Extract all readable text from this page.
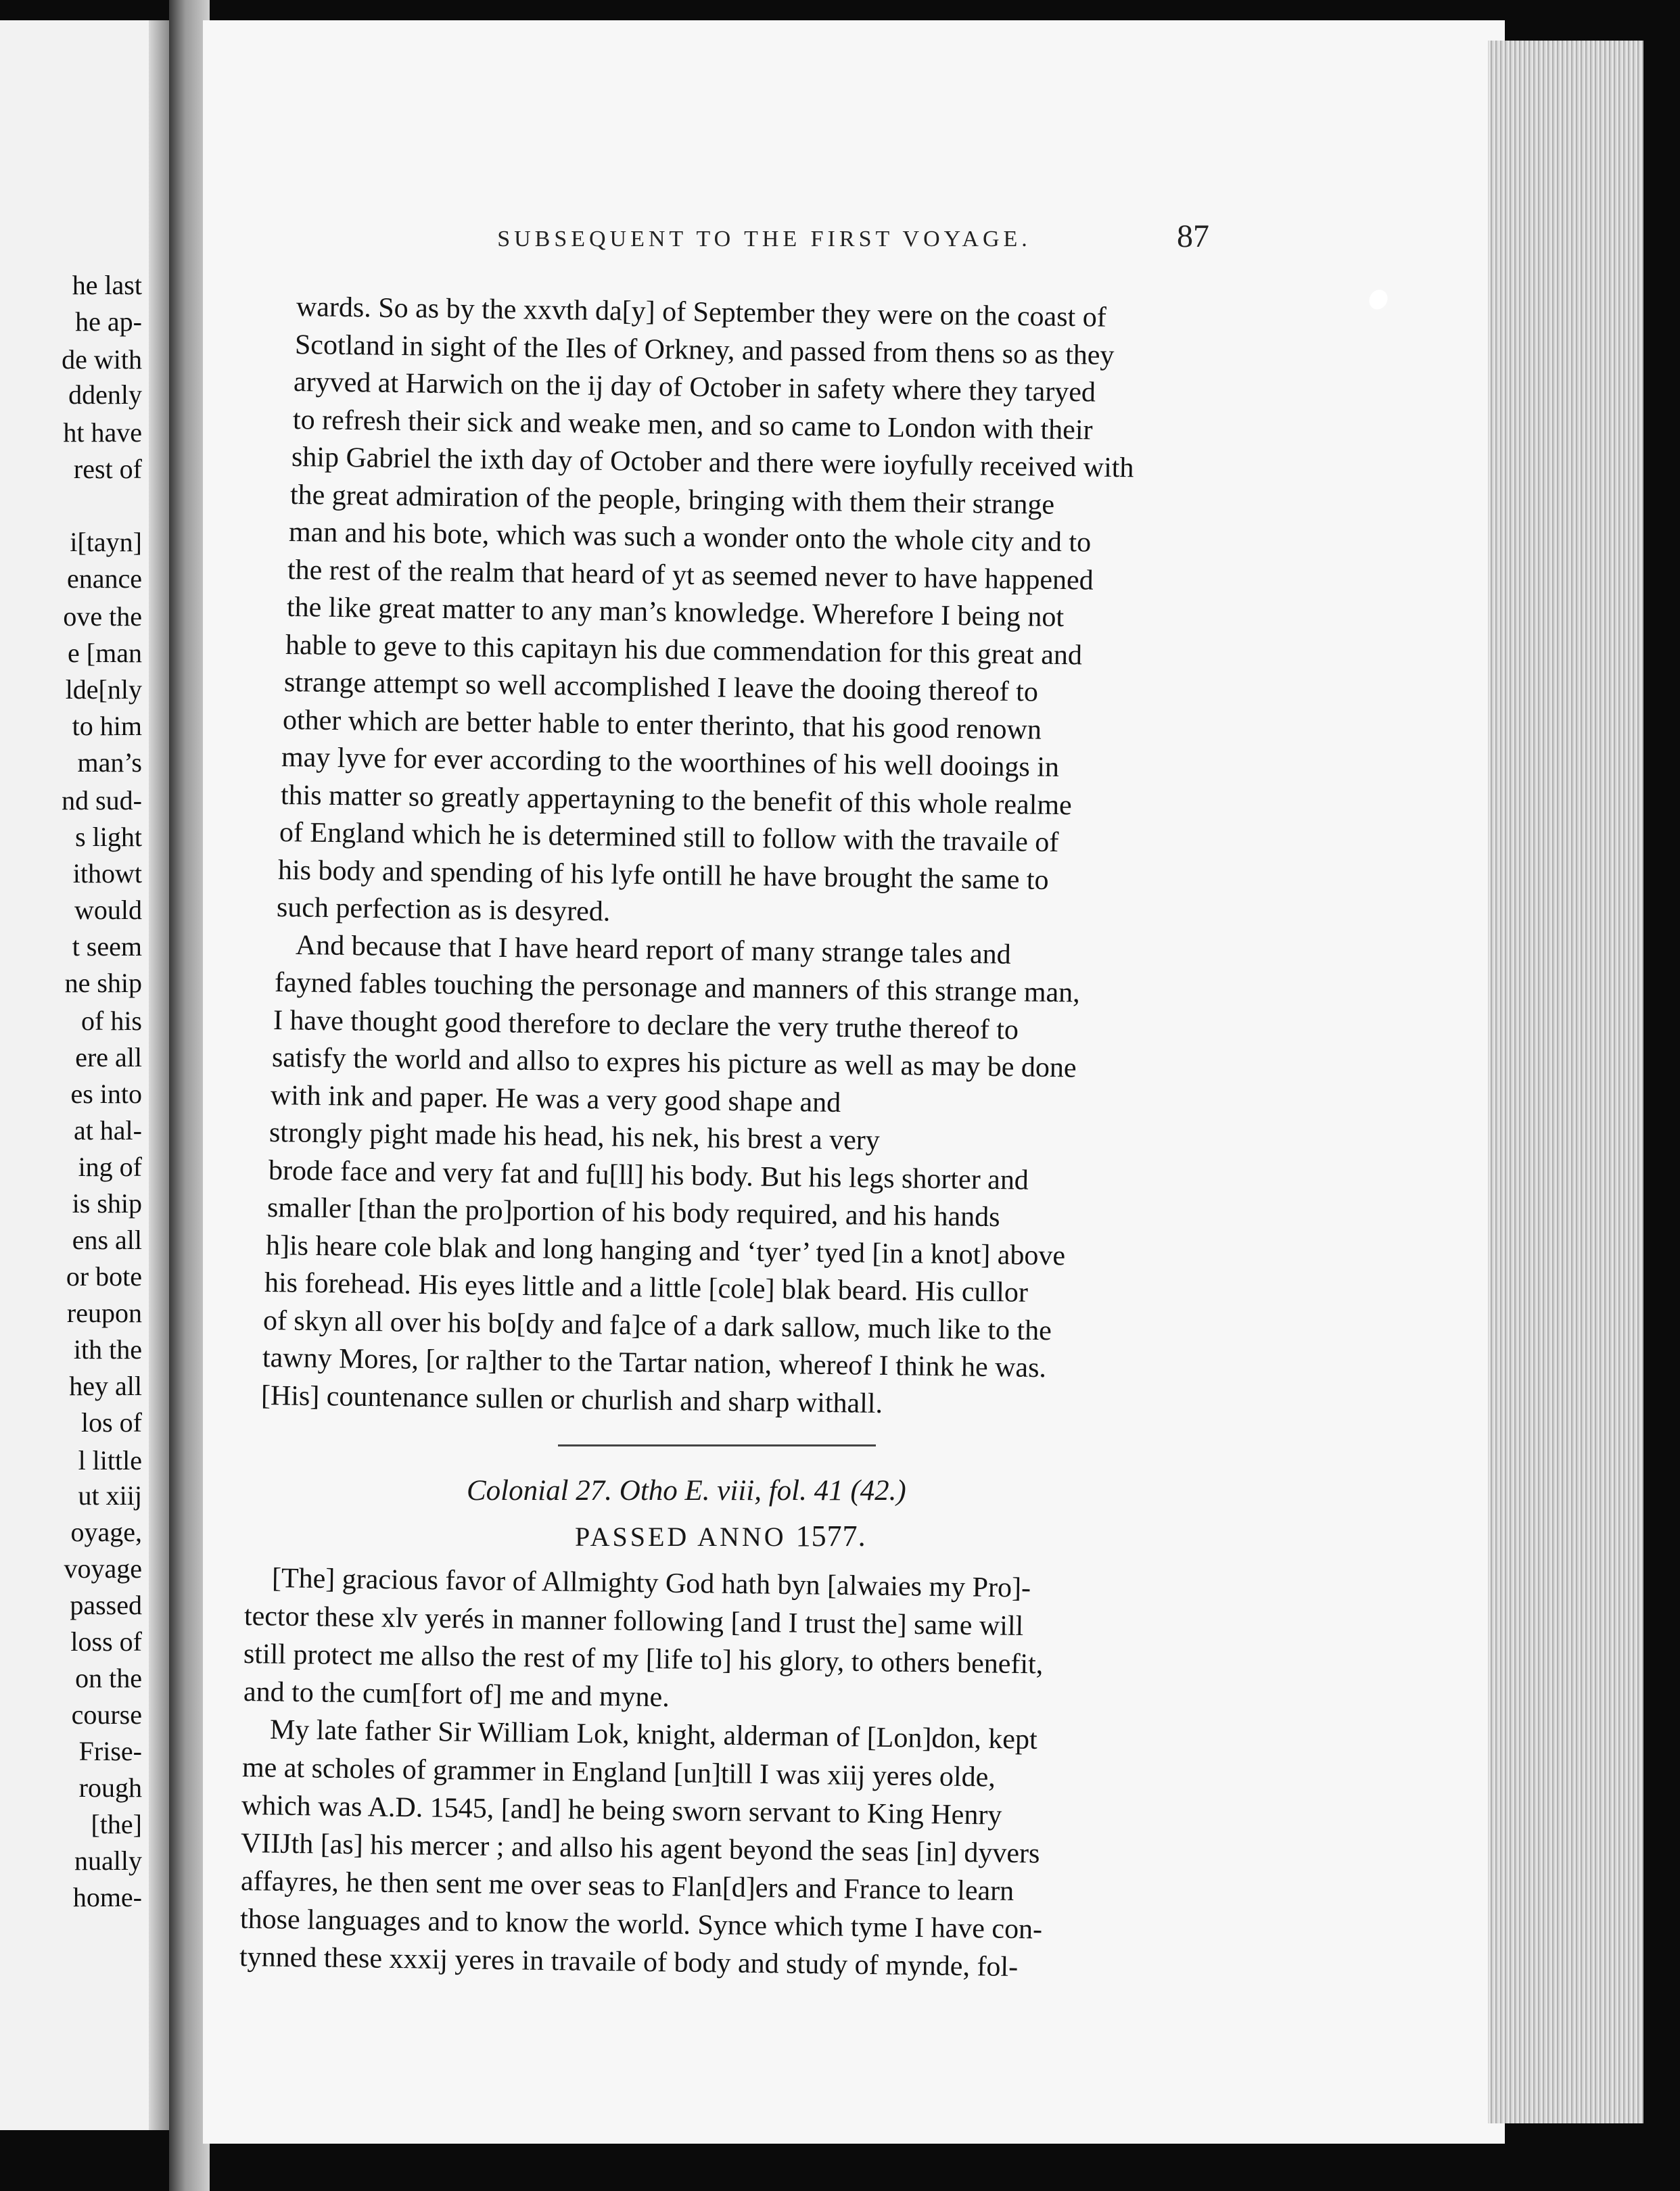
he last
he ap-
de with
ddenly
ht have
rest of
i[tayn]
enance
ove the
e [man
lde[nly
to him
man’s
nd sud-
s light
ithowt
would
t seem
ne ship
of his
ere all
es into
at hal-
ing of
is ship
ens all
or bote
reupon
ith the
hey all
los of
l little
ut xiij
oyage,
voyage
passed
loss of
on the
course
Frise-
rough
[the]
nually
home-
SUBSEQUENT TO THE FIRST VOYAGE.	87
wards. So as by the xxvth da[y] of September they were on the coast of
Scotland in sight of the Iles of Orkney, and passed from thens so as they
aryved at Harwich on the ij day of October in safety where they taryed
to refresh their sick and weake men, and so came to London with their
ship Gabriel the ixth day of October and there were ioyfully received with
the great admiration of the people, bringing with them their strange
man and his bote, which was such a wonder onto the whole city and to
the rest of the realm that heard of yt as seemed never to have happened
the like great matter to any man’s knowledge. Wherefore I being not
hable to geve to this capitayn his due commendation for this great and
strange attempt so well accomplished I leave the dooing thereof to
other which are better hable to enter therinto, that his good renown
may lyve for ever according to the woorthines of his well dooings in
this matter so greatly appertayning to the benefit of this whole realme
of England which he is determined still to follow with the travaile of
his body and spending of his lyfe ontill he have brought the same to
such perfection as is desyred.
And because that I have heard report of many strange tales and
fayned fables touching the personage and manners of this strange man,
I have thought good therefore to declare the very truthe thereof to
satisfy the world and allso to expres his picture as well as may be done
with ink and paper. He was a very good shape and
strongly pight made his head, his nek, his brest a very
brode face and very fat and fu[ll] his body. But his legs shorter and
smaller [than the pro]portion of his body required, and his hands
h]is heare cole blak and long hanging and ‘tyer’ tyed [in a knot] above
his forehead. His eyes little and a little [cole] blak beard. His cullor
of skyn all over his bo[dy and fa]ce of a dark sallow, much like to the
tawny Mores, [or ra]ther to the Tartar nation, whereof I think he was.
[His] countenance sullen or churlish and sharp withall.
Colonial 27. Otho E. viii, fol. 41 (42.)
PASSED ANNO 1577.
[The] gracious favor of Allmighty God hath byn [alwaies my Pro]-
tector these xlv yerés in manner following [and I trust the] same will
still protect me allso the rest of my [life to] his glory, to others benefit,
and to the cum[fort of] me and myne.
My late father Sir William Lok, knight, alderman of [Lon]don, kept
me at scholes of grammer in England [un]till I was xiij yeres olde,
which was A.D. 1545, [and] he being sworn servant to King Henry
VIIJth [as] his mercer ; and allso his agent beyond the seas [in] dyvers
affayres, he then sent me over seas to Flan[d]ers and France to learn
those languages and to know the world. Synce which tyme I have con-
tynned these xxxij yeres in travaile of body and study of mynde, fol-
